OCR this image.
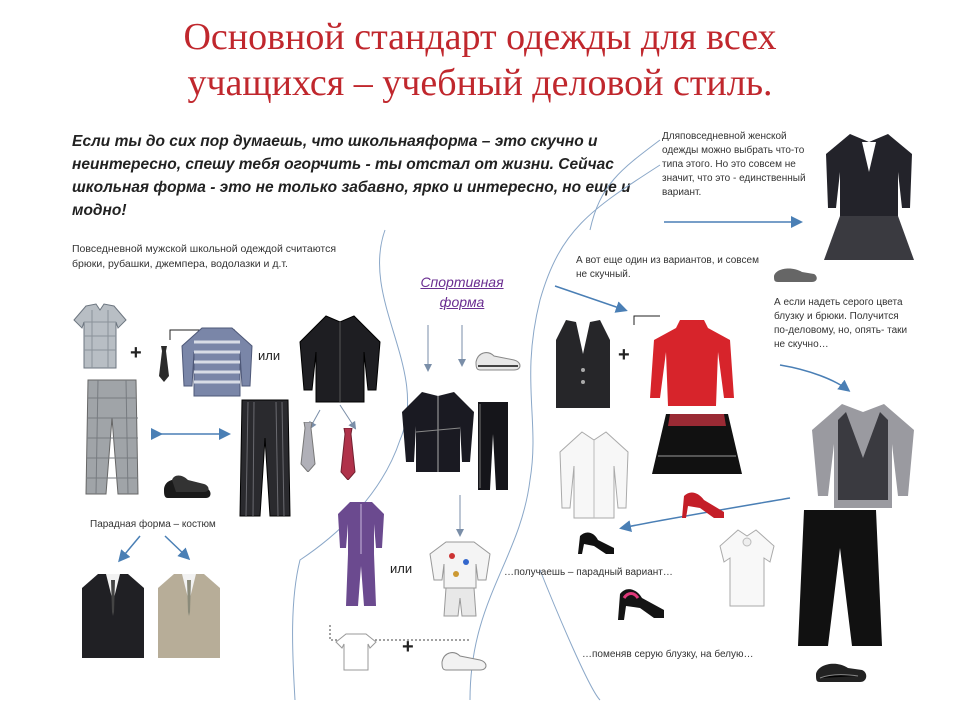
Основной стандарт одежды для всех
учащихся – учебный деловой стиль.
Если ты до сих пор думаешь, что школьнаяформа – это скучно и неинтересно, спешу тебя огорчить - ты отстал от жизни. Сейчас школьная форма - это не только забавно, ярко и интересно, но еще и модно!
Повседневной мужской школьной одеждой считаются брюки, рубашки, джемпера, водолазки и д.т.
Спортивная
форма
Дляповседневной женской одежды можно выбрать что-то типа этого. Но это совсем не значит, что это - единственный вариант.
А вот еще один из вариантов, и совсем не скучный.
А если надеть серого цвета блузку и брюки. Получится по-деловому, но, опять- таки не скучно…
Парадная форма – костюм
…получаешь – парадный вариант…
…поменяв серую блузку, на белую…
или
или
+	+
+
